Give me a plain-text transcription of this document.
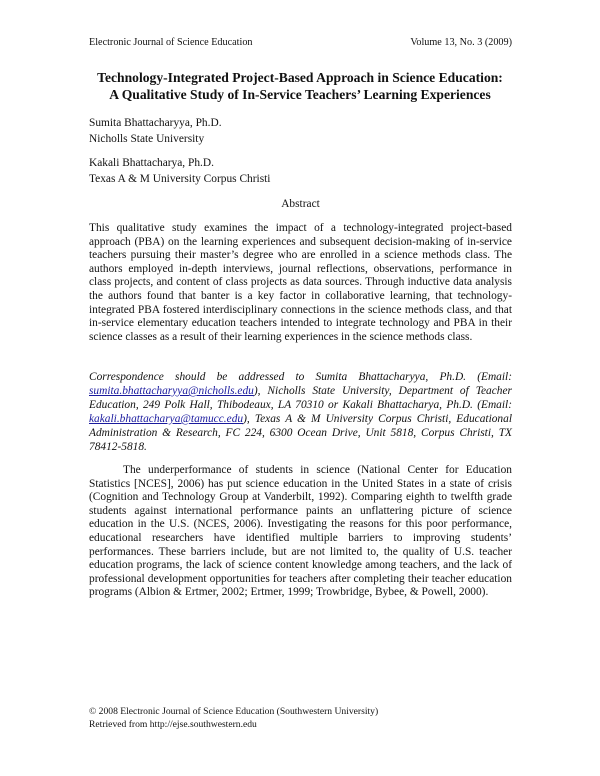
Electronic Journal of Science Education	Volume 13, No. 3 (2009)
Technology-Integrated Project-Based Approach in Science Education:
A Qualitative Study of In-Service Teachers’ Learning Experiences
Sumita Bhattacharyya, Ph.D.
Nicholls State University
Kakali Bhattacharya, Ph.D.
Texas A & M University Corpus Christi
Abstract

This qualitative study examines the impact of a technology-integrated project-based approach (PBA) on the learning experiences and subsequent decision-making of in-service teachers pursuing their master’s degree who are enrolled in a science methods class. The authors employed in-depth interviews, journal reflections, observations, performance in class projects, and content of class projects as data sources. Through inductive data analysis the authors found that banter is a key factor in collaborative learning, that technology-integrated PBA fostered interdisciplinary connections in the science methods class, and that in-service elementary education teachers intended to integrate technology and PBA in their science classes as a result of their learning experiences in the science methods class.

Correspondence should be addressed to Sumita Bhattacharyya, Ph.D. (Email: sumita.bhattacharyya@nicholls.edu), Nicholls State University, Department of Teacher Education, 249 Polk Hall, Thibodeaux, LA 70310 or Kakali Bhattacharya, Ph.D. (Email: kakali.bhattacharya@tamucc.edu), Texas A & M University Corpus Christi, Educational Administration & Research, FC 224, 6300 Ocean Drive, Unit 5818, Corpus Christi, TX 78412-5818.

The underperformance of students in science (National Center for Education Statistics [NCES], 2006) has put science education in the United States in a state of crisis (Cognition and Technology Group at Vanderbilt, 1992). Comparing eighth to twelfth grade students against international performance paints an unflattering picture of science education in the U.S. (NCES, 2006). Investigating the reasons for this poor performance, educational researchers have identified multiple barriers to improving students’ performances. These barriers include, but are not limited to, the quality of U.S. teacher education programs, the lack of science content knowledge among teachers, and the lack of professional development opportunities for teachers after completing their teacher education programs (Albion & Ertmer, 2002; Ertmer, 1999; Trowbridge, Bybee, & Powell, 2000).

© 2008 Electronic Journal of Science Education (Southwestern University)
Retrieved from http://ejse.southwestern.edu
